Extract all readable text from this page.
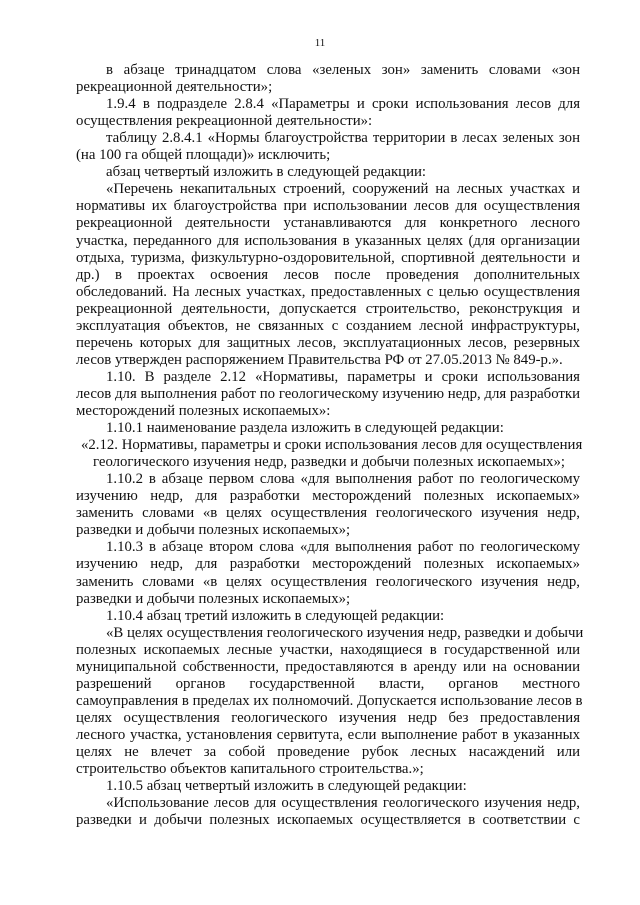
11
в абзаце тринадцатом слова «зеленых зон» заменить словами «зон
рекреационной деятельности»;
1.9.4 в подразделе 2.8.4 «Параметры и сроки использования лесов для
осуществления рекреационной деятельности»:
таблицу 2.8.4.1 «Нормы благоустройства территории в лесах зеленых зон
(на 100 га общей площади)» исключить;
абзац четвертый изложить в следующей редакции:
«Перечень некапитальных строений, сооружений на лесных участках и
нормативы их благоустройства при использовании лесов для осуществления
рекреационной деятельности устанавливаются для конкретного лесного
участка, переданного для использования в указанных целях (для организации
отдыха, туризма, физкультурно-оздоровительной, спортивной деятельности и
др.) в проектах освоения лесов после проведения дополнительных
обследований. На лесных участках, предоставленных с целью осуществления
рекреационной деятельности, допускается строительство, реконструкция и
эксплуатация объектов, не связанных с созданием лесной инфраструктуры,
перечень которых для защитных лесов, эксплуатационных лесов, резервных
лесов утвержден распоряжением Правительства РФ от 27.05.2013 № 849-р.».
1.10. В разделе 2.12 «Нормативы, параметры и сроки использования
лесов для выполнения работ по геологическому изучению недр, для разработки
месторождений полезных ископаемых»:
1.10.1 наименование раздела изложить в следующей редакции:
«2.12. Нормативы, параметры и сроки использования лесов для осуществления
геологического изучения недр, разведки и добычи полезных ископаемых»;
1.10.2 в абзаце первом слова «для выполнения работ по геологическому
изучению недр, для разработки месторождений полезных ископаемых»
заменить словами «в целях осуществления геологического изучения недр,
разведки и добычи полезных ископаемых»;
1.10.3 в абзаце втором слова «для выполнения работ по геологическому
изучению недр, для разработки месторождений полезных ископаемых»
заменить словами «в целях осуществления геологического изучения недр,
разведки и добычи полезных ископаемых»;
1.10.4 абзац третий изложить в следующей редакции:
«В целях осуществления геологического изучения недр, разведки и добычи
полезных ископаемых лесные участки, находящиеся в государственной или
муниципальной собственности, предоставляются в аренду или на основании
разрешений органов государственной власти, органов местного
самоуправления в пределах их полномочий. Допускается использование лесов в
целях осуществления геологического изучения недр без предоставления
лесного участка, установления сервитута, если выполнение работ в указанных
целях не влечет за собой проведение рубок лесных насаждений или
строительство объектов капитального строительства.»;
1.10.5 абзац четвертый изложить в следующей редакции:
«Использование лесов для осуществления геологического изучения недр,
разведки и добычи полезных ископаемых осуществляется в соответствии с
